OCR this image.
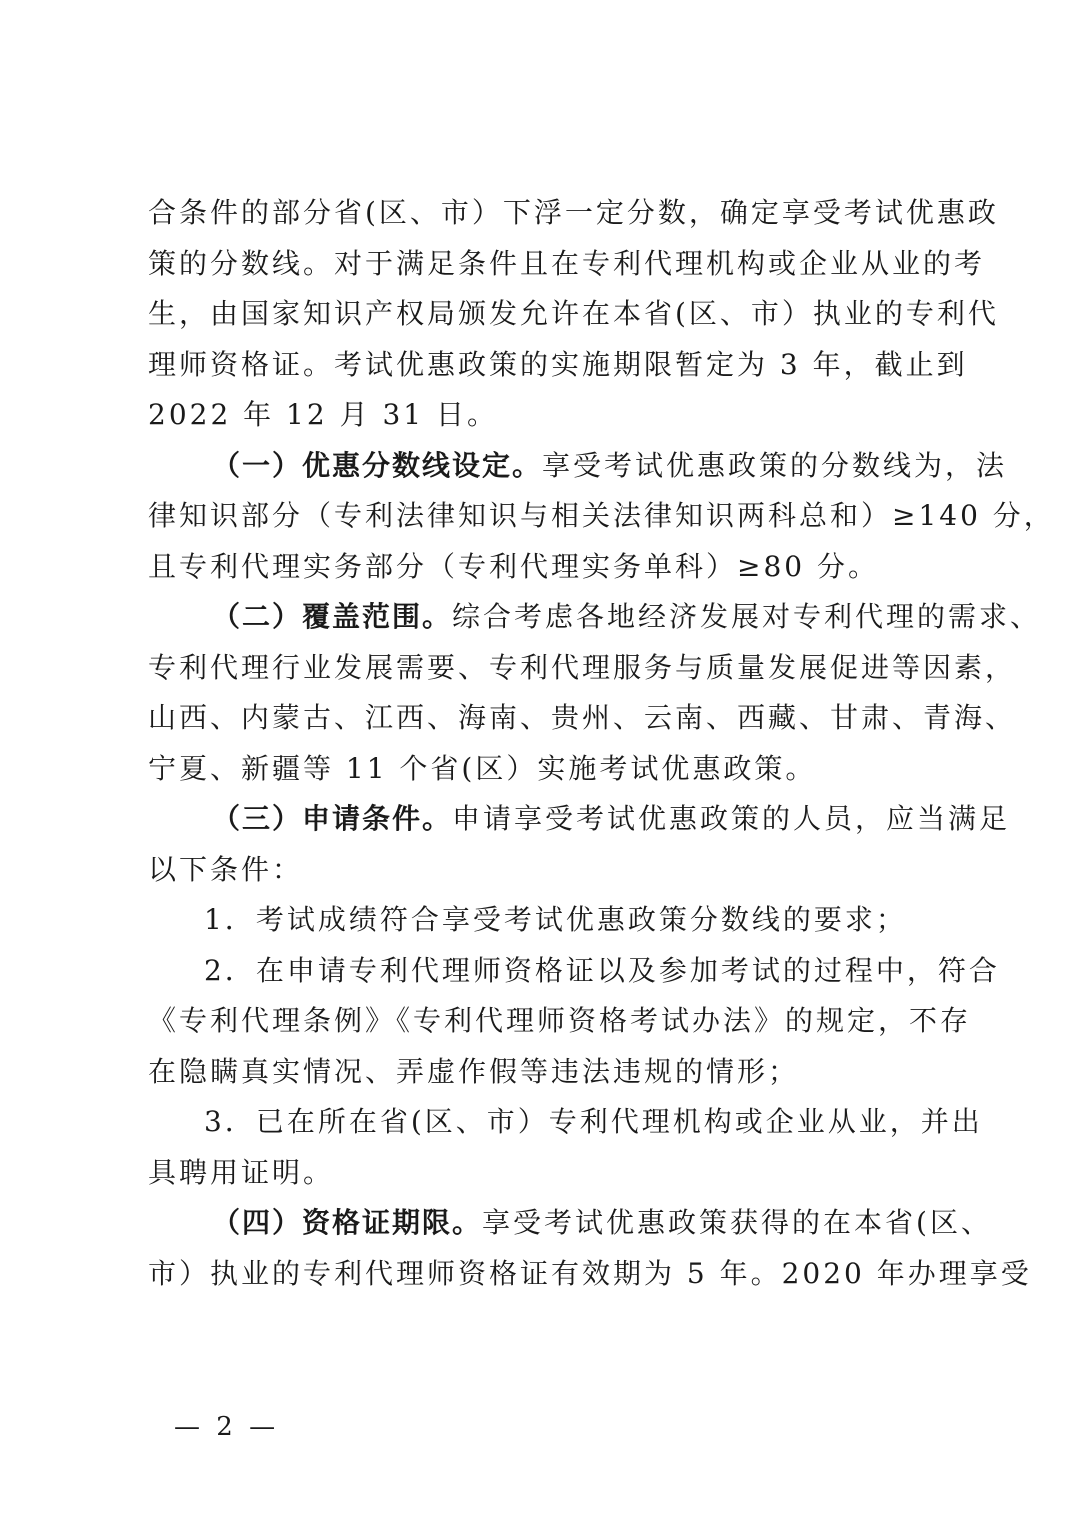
合条件的部分省(区、市）下浮一定分数，确定享受考试优惠政
策的分数线。对于满足条件且在专利代理机构或企业从业的考
生，由国家知识产权局颁发允许在本省(区、市）执业的专利代
理师资格证。考试优惠政策的实施期限暂定为 3 年，截止到
2022 年 12 月 31 日。
（一）优惠分数线设定。享受考试优惠政策的分数线为，法
律知识部分（专利法律知识与相关法律知识两科总和）≥140 分，
且专利代理实务部分（专利代理实务单科）≥80 分。
（二）覆盖范围。综合考虑各地经济发展对专利代理的需求、
专利代理行业发展需要、专利代理服务与质量发展促进等因素，
山西、内蒙古、江西、海南、贵州、云南、西藏、甘肃、青海、
宁夏、新疆等 11 个省(区）实施考试优惠政策。
（三）申请条件。申请享受考试优惠政策的人员，应当满足
以下条件：
1．考试成绩符合享受考试优惠政策分数线的要求；
2．在申请专利代理师资格证以及参加考试的过程中，符合
《专利代理条例》《专利代理师资格考试办法》的规定，不存
在隐瞒真实情况、弄虚作假等违法违规的情形；
3．已在所在省(区、市）专利代理机构或企业从业，并出
具聘用证明。
（四）资格证期限。享受考试优惠政策获得的在本省(区、
市）执业的专利代理师资格证有效期为 5 年。2020 年办理享受
— 2 —
